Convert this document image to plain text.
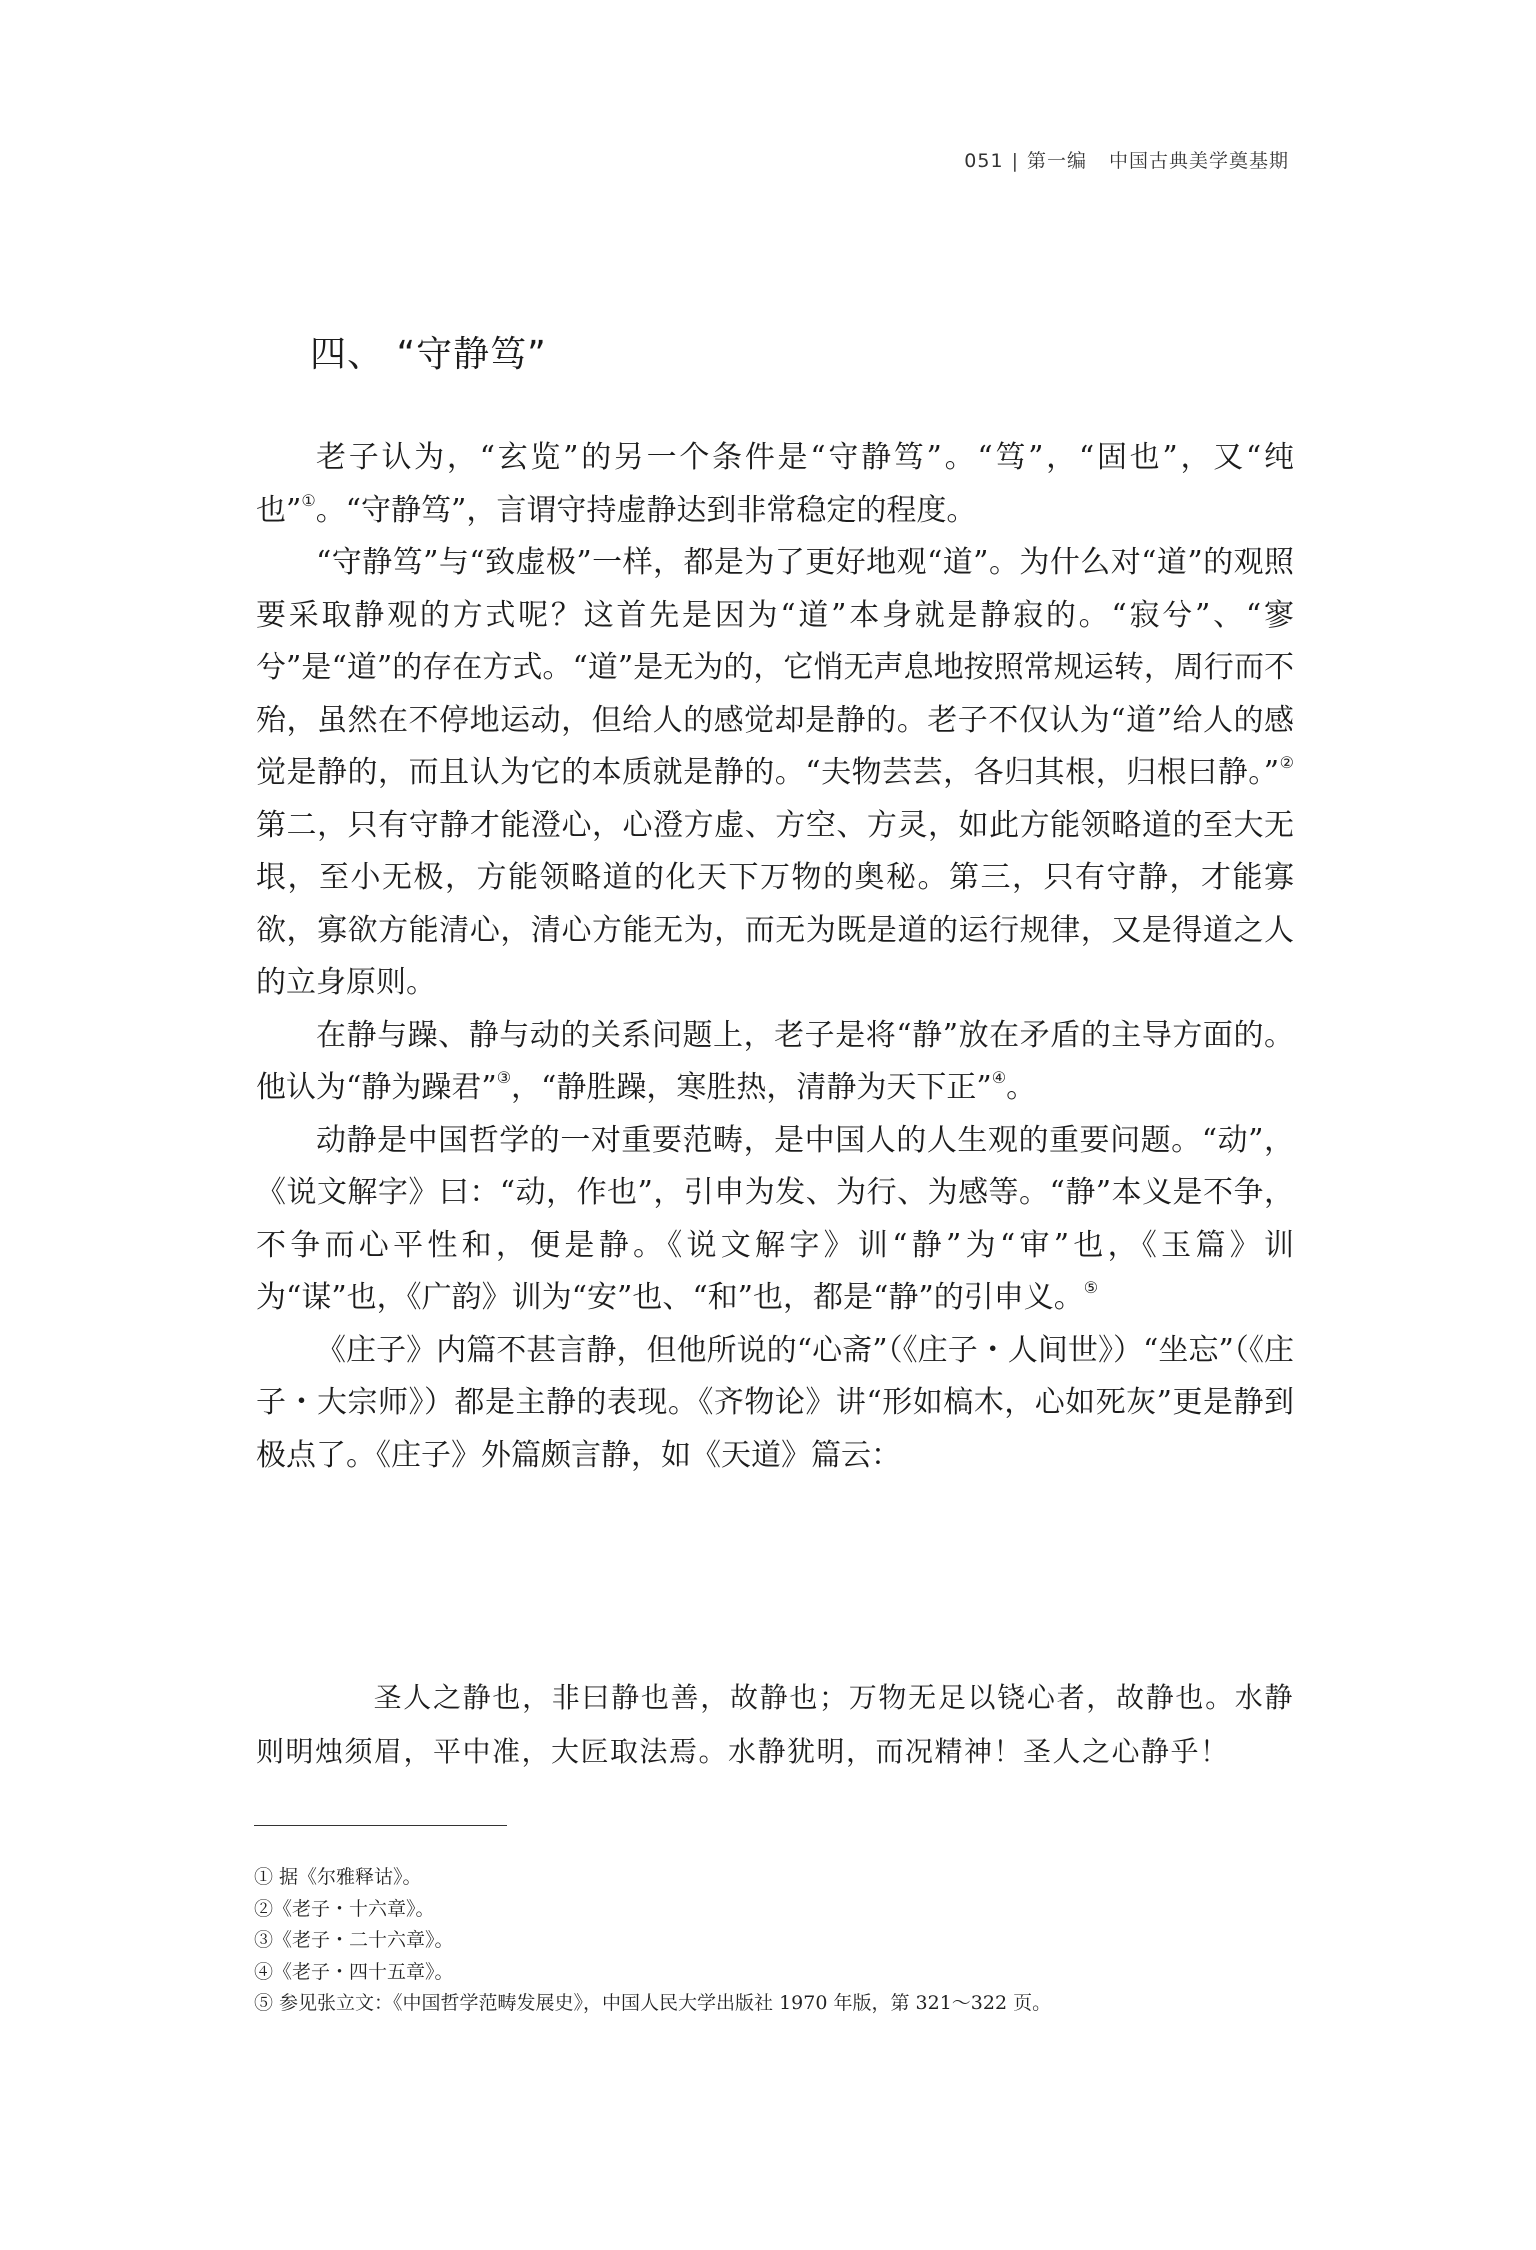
051 | 第一编 中国古典美学奠基期
四、 “守静笃”

老子认为，“玄览”的另一个条件是“守静笃”。“笃”，“固也”，又“纯也”①。“守静笃”，言谓守持虚静达到非常稳定的程度。

“守静笃”与“致虚极”一样，都是为了更好地观“道”。为什么对“道”的观照要采取静观的方式呢？这首先是因为“道”本身就是静寂的。“寂兮”、“寥兮”是“道”的存在方式。“道”是无为的，它悄无声息地按照常规运转，周行而不殆，虽然在不停地运动，但给人的感觉却是静的。老子不仅认为“道”给人的感觉是静的，而且认为它的本质就是静的。“夫物芸芸，各归其根，归根曰静。”②第二，只有守静才能澄心，心澄方虚、方空、方灵，如此方能领略道的至大无垠，至小无极，方能领略道的化天下万物的奥秘。第三，只有守静，才能寡欲，寡欲方能清心，清心方能无为，而无为既是道的运行规律，又是得道之人的立身原则。

在静与躁、静与动的关系问题上，老子是将“静”放在矛盾的主导方面的。他认为“静为躁君”③，“静胜躁，寒胜热，清静为天下正”④。

动静是中国哲学的一对重要范畴，是中国人的人生观的重要问题。“动”，《说文解字》曰：“动，作也”，引申为发、为行、为感等。“静”本义是不争，不争而心平性和，便是静。《说文解字》训“静”为“审”也，《玉篇》训为“谋”也，《广韵》训为“安”也、“和”也，都是“静”的引申义。⑤

《庄子》内篇不甚言静，但他所说的“心斋”（《庄子・人间世》）“坐忘”（《庄子・大宗师》）都是主静的表现。《齐物论》讲“形如槁木，心如死灰”更是静到极点了。《庄子》外篇颇言静，如《天道》篇云：

圣人之静也，非曰静也善，故静也；万物无足以铙心者，故静也。水静则明烛须眉，平中准，大匠取法焉。水静犹明，而况精神！圣人之心静乎！

① 据《尔雅释诂》。
②《老子・十六章》。
③《老子・二十六章》。
④《老子・四十五章》。
⑤ 参见张立文：《中国哲学范畴发展史》，中国人民大学出版社 1970 年版，第 321～322 页。
